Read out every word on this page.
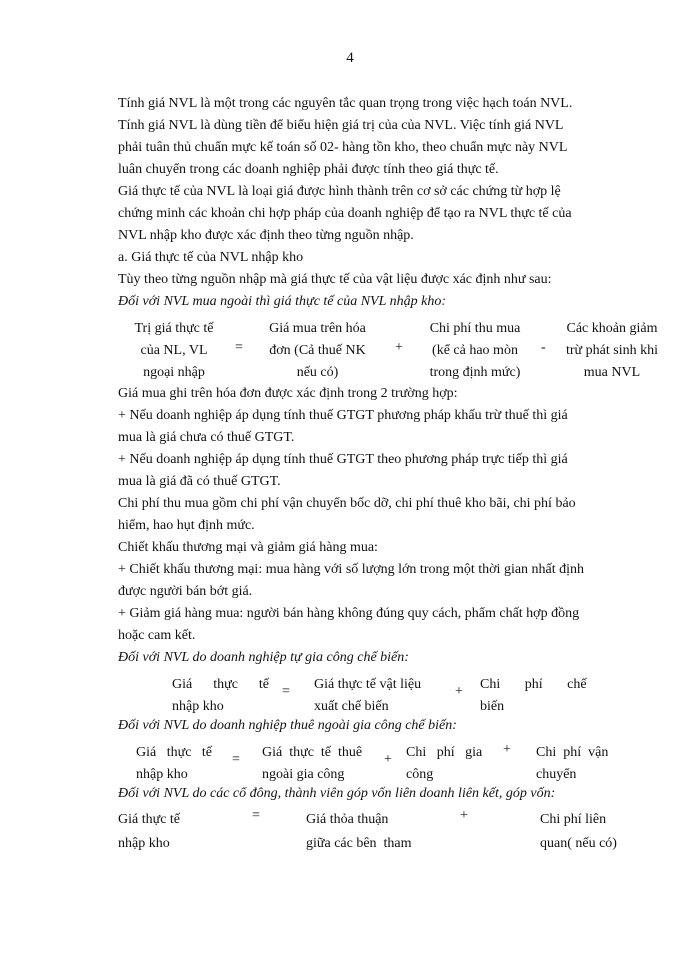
4
Tính giá NVL là một trong các nguyên tắc quan trọng trong việc hạch toán NVL.
Tính giá NVL là dùng tiền để biểu hiện giá trị của của NVL. Việc tính giá NVL
phải tuân thủ chuẩn mực kế toán số 02- hàng tồn kho, theo chuẩn mực này NVL
luân chuyển trong các doanh nghiệp phải được tính theo giá thực tế.
Giá thực tế của NVL là loại giá được hình thành trên cơ sở các chứng từ hợp lệ
chứng minh các khoản chi hợp pháp của doanh nghiệp để tạo ra NVL thực tế của
NVL nhập kho được xác định theo từng nguồn nhập.
a. Giá thực tế của NVL nhập kho
Tùy theo từng nguồn nhập mà giá thực tế của vật liệu được xác định như sau:
Đối với NVL mua ngoài thì giá thực tế của NVL nhập kho:
Trị giá thực tế
của NL, VL
ngoại nhập
=
Giá mua trên hóa
đơn (Cả thuế NK
nếu có)
+
Chi phí thu mua
(kể cả hao mòn
trong định mức)
-
Các khoản giảm
trừ phát sinh khi
mua NVL
Giá mua ghi trên hóa đơn được xác định trong 2 trường hợp:
+ Nếu doanh nghiệp áp dụng tính thuế GTGT phương pháp khấu trừ thuế thì giá
mua là giá chưa có thuế GTGT.
+ Nếu doanh nghiệp áp dụng tính thuế GTGT theo phương pháp trực tiếp thì giá
mua là giá đã có thuế GTGT.
Chi phí thu mua gồm chi phí vận chuyển bốc dỡ, chi phí thuê kho bãi, chi phí bảo
hiểm, hao hụt định mức.
Chiết khấu thương mại và giảm giá hàng mua:
+ Chiết khấu thương mại: mua hàng với số lượng lớn trong một thời gian nhất định
được người bán bớt giá.
+ Giảm giá hàng mua: người bán hàng không đúng quy cách, phẩm chất hợp đồng
hoặc cam kết.
Đối với NVL do doanh nghiệp tự gia công chế biến:
Giá      thực      tế
nhập kho
= Giá thực tế vật liệu
xuất chế biến
+ Chi       phí       chế
biến
Đối với NVL do doanh nghiệp thuê ngoài gia công chế biến:
Giá   thực   tế
nhập kho
= Giá  thực  tế  thuê
ngoài gia công
+ Chi   phí   gia
công
+ Chi  phí  vận
chuyển
Đối với NVL do các cổ đông, thành viên góp vốn liên doanh liên kết, góp vốn:
Giá thực tế
nhập kho
=	Giá thỏa thuận
giữa các bên  tham
+	Chi phí liên
quan( nếu có)
